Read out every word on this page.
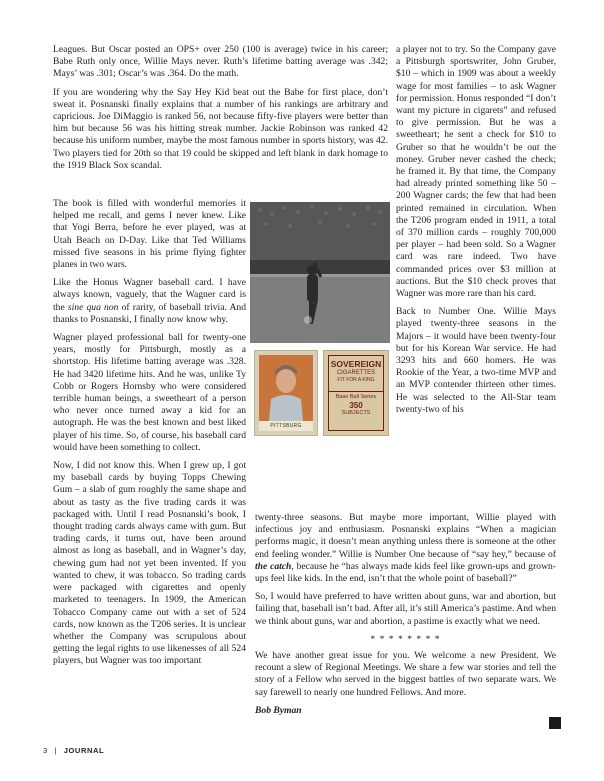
Leagues. But Oscar posted an OPS+ over 250 (100 is average) twice in his career; Babe Ruth only once, Willie Mays never. Ruth’s lifetime batting average was .342; Mays’ was .301; Oscar’s was .364. Do the math.

If you are wondering why the Say Hey Kid beat out the Babe for first place, don’t sweat it. Posnanski finally explains that a number of his rankings are arbitrary and capricious. Joe DiMaggio is ranked 56, not because fifty-five players were better than him but because 56 was his hitting streak number. Jackie Robinson was ranked 42 because his uniform number, maybe the most famous number in sports history, was 42. Two players tied for 20th so that 19 could be skipped and left blank in dark homage to the 1919 Black Sox scandal.

The book is filled with wonderful memories it helped me recall, and gems I never knew. Like that Yogi Berra, before he ever played, was at Utah Beach on D-Day. Like that Ted Williams missed five seasons in his prime flying fighter planes in two wars.

Like the Honus Wagner baseball card. I have always known, vaguely, that the Wagner card is the sine qua non of rarity, of baseball trivia. And thanks to Posnanski, I finally now know why.

Wagner played professional ball for twenty-one years, mostly for Pittsburgh, mostly as a shortstop. His lifetime batting average was .328. He had 3420 lifetime hits. And he was, unlike Ty Cobb or Rogers Hornsby who were considered terrible human beings, a sweetheart of a person who never once turned away a kid for an autograph. He was the best known and best liked player of his time. So, of course, his baseball card would have been something to collect.

Now, I did not know this. When I grew up, I got my baseball cards by buying Topps Chewing Gum – a slab of gum roughly the same shape and about as tasty as the five trading cards it was packaged with. Until I read Posnanski’s book, I thought trading cards always came with gum. But trading cards, it turns out, have been around almost as long as baseball, and in Wagner’s day, chewing gum had not yet been invented. If you wanted to chew, it was tobacco. So trading cards were packaged with cigarettes and openly marketed to teenagers. In 1909, the American Tobacco Company came out with a set of 524 cards, now known as the T206 series. It is unclear whether the Company was scrupulous about getting the legal rights to use likenesses of all 524 players, but Wagner was too important

a player not to try. So the Company gave a Pittsburgh sportswriter, John Gruber, $10 – which in 1909 was about a weekly wage for most families – to ask Wagner for permission. Honus responded “I don’t want my picture in cigarets” and refused to give permission. But he was a sweetheart; he sent a check for $10 to Gruber so that he wouldn’t be out the money. Gruber never cashed the check; he framed it. By that time, the Company had already printed something like 50 – 200 Wagner cards; the few that had been printed remained in circulation. When the T206 program ended in 1911, a total of 370 million cards – roughly 700,000 per player – had been sold. So a Wagner card was rare indeed. Two have commanded prices over $3 million at auctions. But the $10 check proves that Wagner was more rare than his card.

Back to Number One. Willie Mays played twenty-three seasons in the Majors – it would have been twenty-four but for his Korean War service. He had 3293 hits and 660 homers. He was Rookie of the Year, a two-time MVP and an MVP contender thirteen other times. He was selected to the All-Star team twenty-two of his

PITTSBURG
SOVEREIGN
CIGARETTES
FIT FOR A KING
Base Ball Series
350
SUBJECTS

twenty-three seasons. But maybe more important, Willie played with infectious joy and enthusiasm. Posnanski explains “When a magician performs magic, it doesn’t mean anything unless there is someone at the other end feeling wonder.” Willie is Number One because of “say hey,” because of the catch, because he “has always made kids feel like grown-ups and grown-ups feel like kids. In the end, isn’t that the whole point of baseball?”

So, I would have preferred to have written about guns, war and abortion, but failing that, baseball isn’t bad. After all, it’s still America’s pastime. And when we think about guns, war and abortion, a pastime is exactly what we need.

* * * * * * * *

We have another great issue for you. We welcome a new President. We recount a slew of Regional Meetings. We share a few war stories and tell the story of a Fellow who served in the biggest battles of two separate wars. We say farewell to nearly one hundred Fellows. And more.

Bob Byman

3 | JOURNAL
